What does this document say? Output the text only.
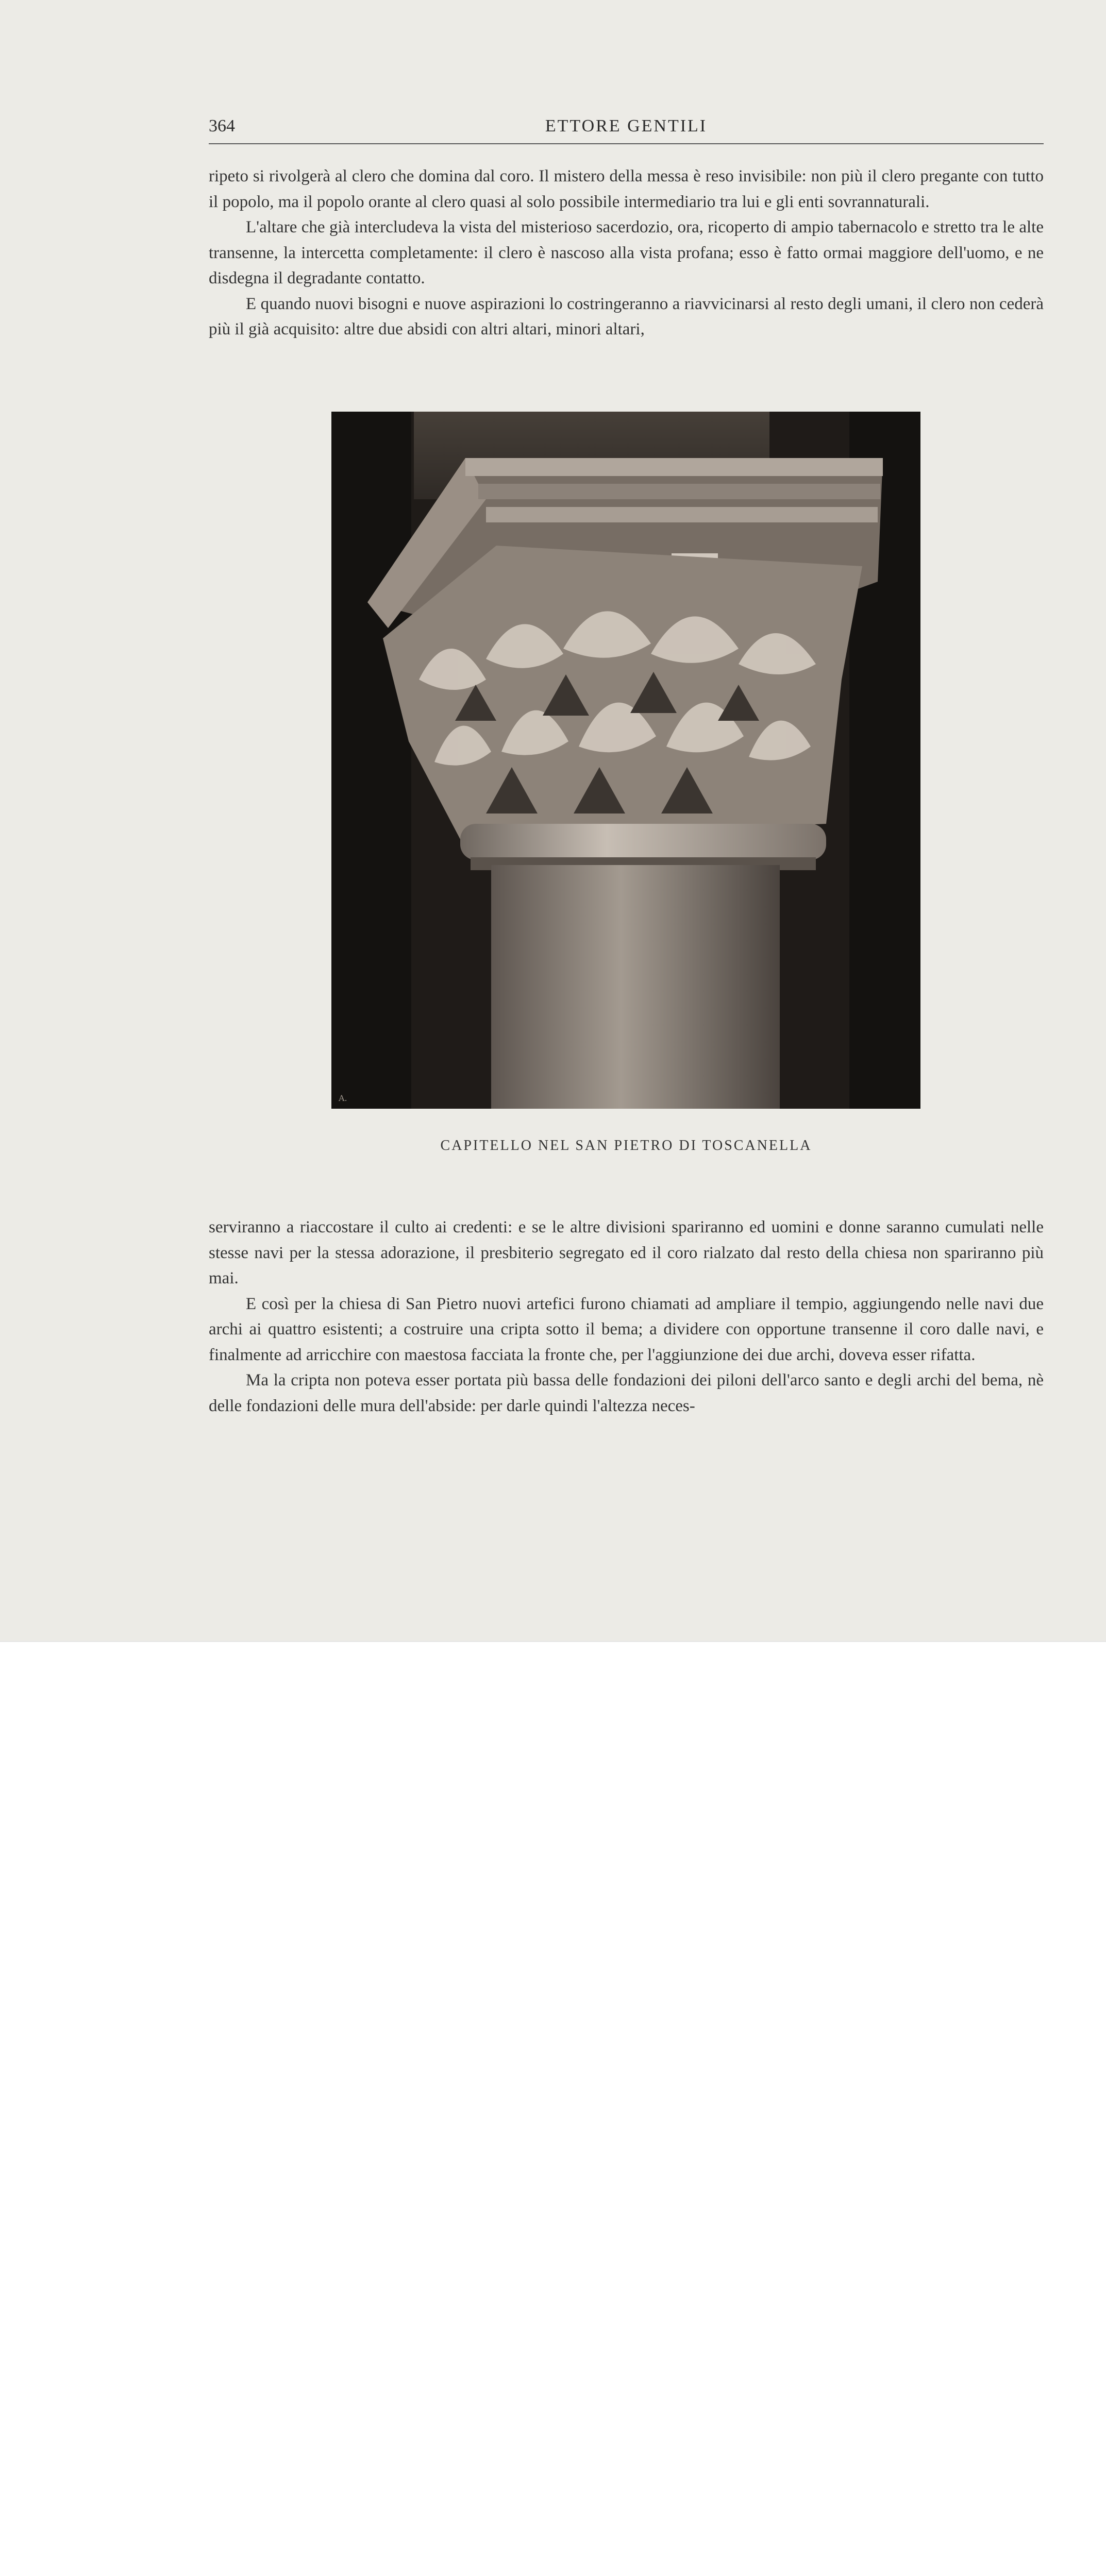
364	ETTORE GENTILI

ripeto si rivolgerà al clero che domina dal coro. Il mistero della messa è reso invisibile: non più il clero pregante con tutto il popolo, ma il popolo orante al clero quasi al solo possibile intermediario tra lui e gli enti sovrannaturali.

L'altare che già intercludeva la vista del misterioso sacerdozio, ora, ricoperto di ampio tabernacolo e stretto tra le alte transenne, la intercetta completamente: il clero è nascoso alla vista profana; esso è fatto ormai maggiore dell'uomo, e ne disdegna il degradante contatto.

E quando nuovi bisogni e nuove aspirazioni lo costringeranno a riavvicinarsi al resto degli umani, il clero non cederà più il già acquisito: altre due absidi con altri altari, minori altari,

A.
CAPITELLO NEL SAN PIETRO DI TOSCANELLA

serviranno a riaccostare il culto ai credenti: e se le altre divisioni spariranno ed uomini e donne saranno cumulati nelle stesse navi per la stessa adorazione, il presbiterio segregato ed il coro rialzato dal resto della chiesa non spariranno più mai.

E così per la chiesa di San Pietro nuovi artefici furono chiamati ad ampliare il tempio, aggiungendo nelle navi due archi ai quattro esistenti; a costruire una cripta sotto il bema; a dividere con opportune transenne il coro dalle navi, e finalmente ad arricchire con maestosa facciata la fronte che, per l'aggiunzione dei due archi, doveva esser rifatta.

Ma la cripta non poteva esser portata più bassa delle fondazioni dei piloni dell'arco santo e degli archi del bema, nè delle fondazioni delle mura dell'abside: per darle quindi l'altezza neces-
